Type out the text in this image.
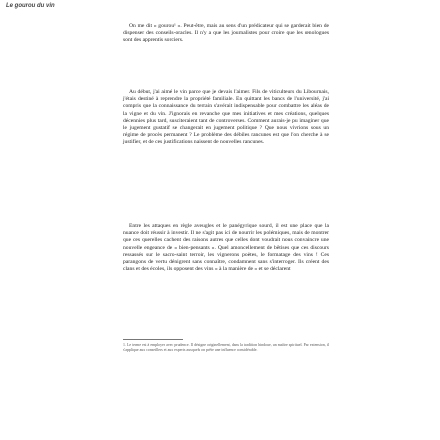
Le gourou du vin

On me dit « gourou¹ ». Peut-être, mais au sens d'un prédicateur qui se garderait bien de dispenser des conseils-oracles. Il n'y a que les journalistes pour croire que les œnologues sont des apprentis sorciers.

Au début, j'ai aimé le vin parce que je devais l'aimer. Fils de viticulteurs du Libournais, j'étais destiné à reprendre la propriété familiale. En quittant les bancs de l'université, j'ai compris que la connaissance du terrain s'avérait indispensable pour combattre les aléas de la vigne et du vin. J'ignorais en revanche que mes initiatives et mes créations, quelques décennies plus tard, susciteraient tant de controverses. Comment aurais-je pu imaginer que le jugement gustatif se changerait en jugement politique ? Que nous vivrions sous un régime de procès permanent ? Le problème des débiles rancunes est que l'on cherche à se justifier, et de ces justifications naissent de nouvelles rancunes.

Entre les attaques en règle aveugles et le panégyrique sourd, il est une place que la nuance doit réussir à investir. Il ne s'agit pas ici de nourrir les polémiques, mais de montrer que ces querelles cachent des raisons autres que celles dont voudrait nous convaincre une nouvelle engeance de « bien-pensants ». Quel amoncellement de bêtises que ces discours ressassés sur le sacro-saint terroir, les vignerons poètes, le formatage des vins ! Ces parangons de vertu dénigrent sans connaître, condamnent sans s'interroger. Ils créent des clans et des écoles, ils opposent des vins « à la manière de » et se déclarent

1. Le terme est à employer avec prudence. Il désigne originellement, dans la tradition hindoue, un maître spirituel. Par extension, il s'applique aux conseillers et aux experts auxquels on prête une influence considérable.
